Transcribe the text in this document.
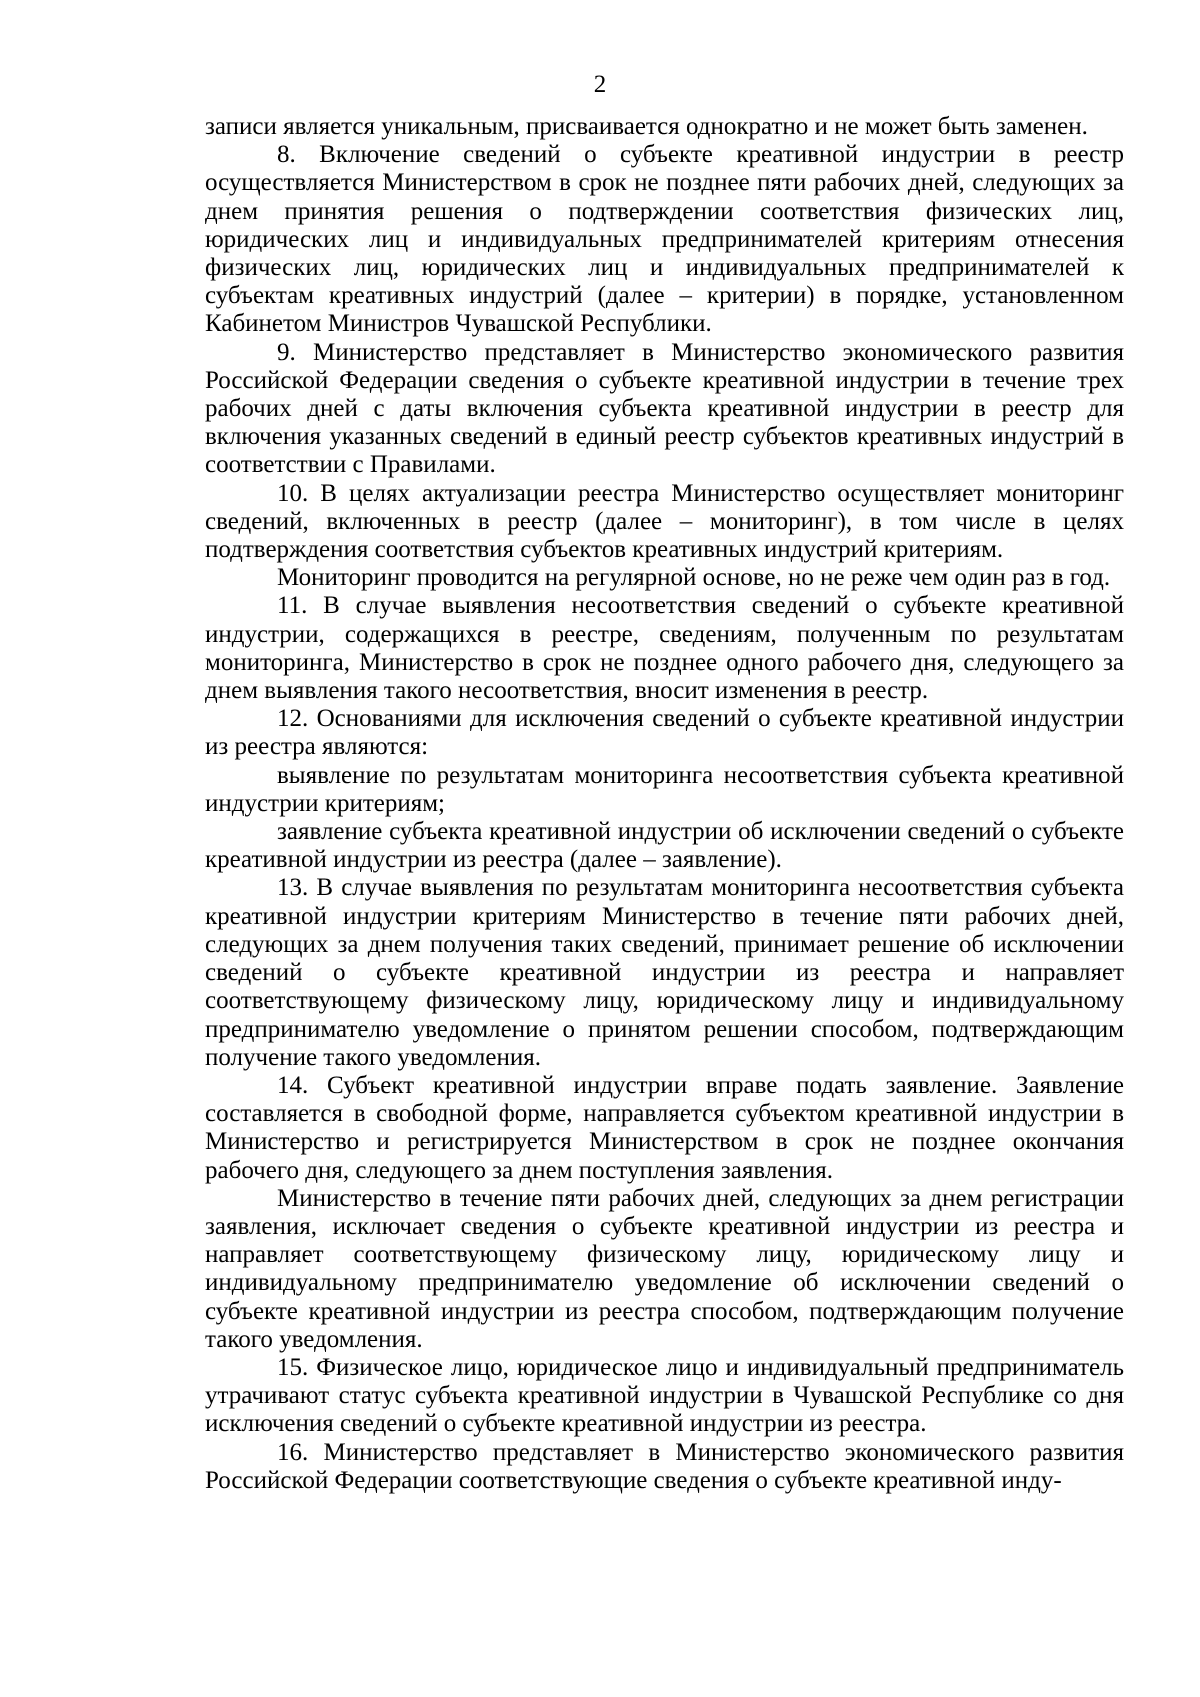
2

записи является уникальным, присваивается однократно и не может быть заменен.

8. Включение сведений о субъекте креативной индустрии в реестр осуществляется Министерством в срок не позднее пяти рабочих дней, следующих за днем принятия решения о подтверждении соответствия физических лиц, юридических лиц и индивидуальных предпринимателей критериям отнесения физических лиц, юридических лиц и индивидуальных предпринимателей к субъектам креативных индустрий (далее – критерии) в порядке, установленном Кабинетом Министров Чувашской Республики.

9. Министерство представляет в Министерство экономического развития Российской Федерации сведения о субъекте креативной индустрии в течение трех рабочих дней с даты включения субъекта креативной индустрии в реестр для включения указанных сведений в единый реестр субъектов креативных индустрий в соответствии с Правилами.

10. В целях актуализации реестра Министерство осуществляет мониторинг сведений, включенных в реестр (далее – мониторинг), в том числе в целях подтверждения соответствия субъектов креативных индустрий критериям.

Мониторинг проводится на регулярной основе, но не реже чем один раз в год.

11. В случае выявления несоответствия сведений о субъекте креативной индустрии, содержащихся в реестре, сведениям, полученным по результатам мониторинга, Министерство в срок не позднее одного рабочего дня, следующего за днем выявления такого несоответствия, вносит изменения в реестр.

12. Основаниями для исключения сведений о субъекте креативной индустрии из реестра являются:

выявление по результатам мониторинга несоответствия субъекта креативной индустрии критериям;

заявление субъекта креативной индустрии об исключении сведений о субъекте креативной индустрии из реестра (далее – заявление).

13. В случае выявления по результатам мониторинга несоответствия субъекта креативной индустрии критериям Министерство в течение пяти рабочих дней, следующих за днем получения таких сведений, принимает решение об исключении сведений о субъекте креативной индустрии из реестра и направляет соответствующему физическому лицу, юридическому лицу и индивидуальному предпринимателю уведомление о принятом решении способом, подтверждающим получение такого уведомления.

14. Субъект креативной индустрии вправе подать заявление. Заявление составляется в свободной форме, направляется субъектом креативной индустрии в Министерство и регистрируется Министерством в срок не позднее окончания рабочего дня, следующего за днем поступления заявления.

Министерство в течение пяти рабочих дней, следующих за днем регистрации заявления, исключает сведения о субъекте креативной индустрии из реестра и направляет соответствующему физическому лицу, юридическому лицу и индивидуальному предпринимателю уведомление об исключении сведений о субъекте креативной индустрии из реестра способом, подтверждающим получение такого уведомления.

15. Физическое лицо, юридическое лицо и индивидуальный предприниматель утрачивают статус субъекта креативной индустрии в Чувашской Республике со дня исключения сведений о субъекте креативной индустрии из реестра.

16. Министерство представляет в Министерство экономического развития Российской Федерации соответствующие сведения о субъекте креативной инду-
